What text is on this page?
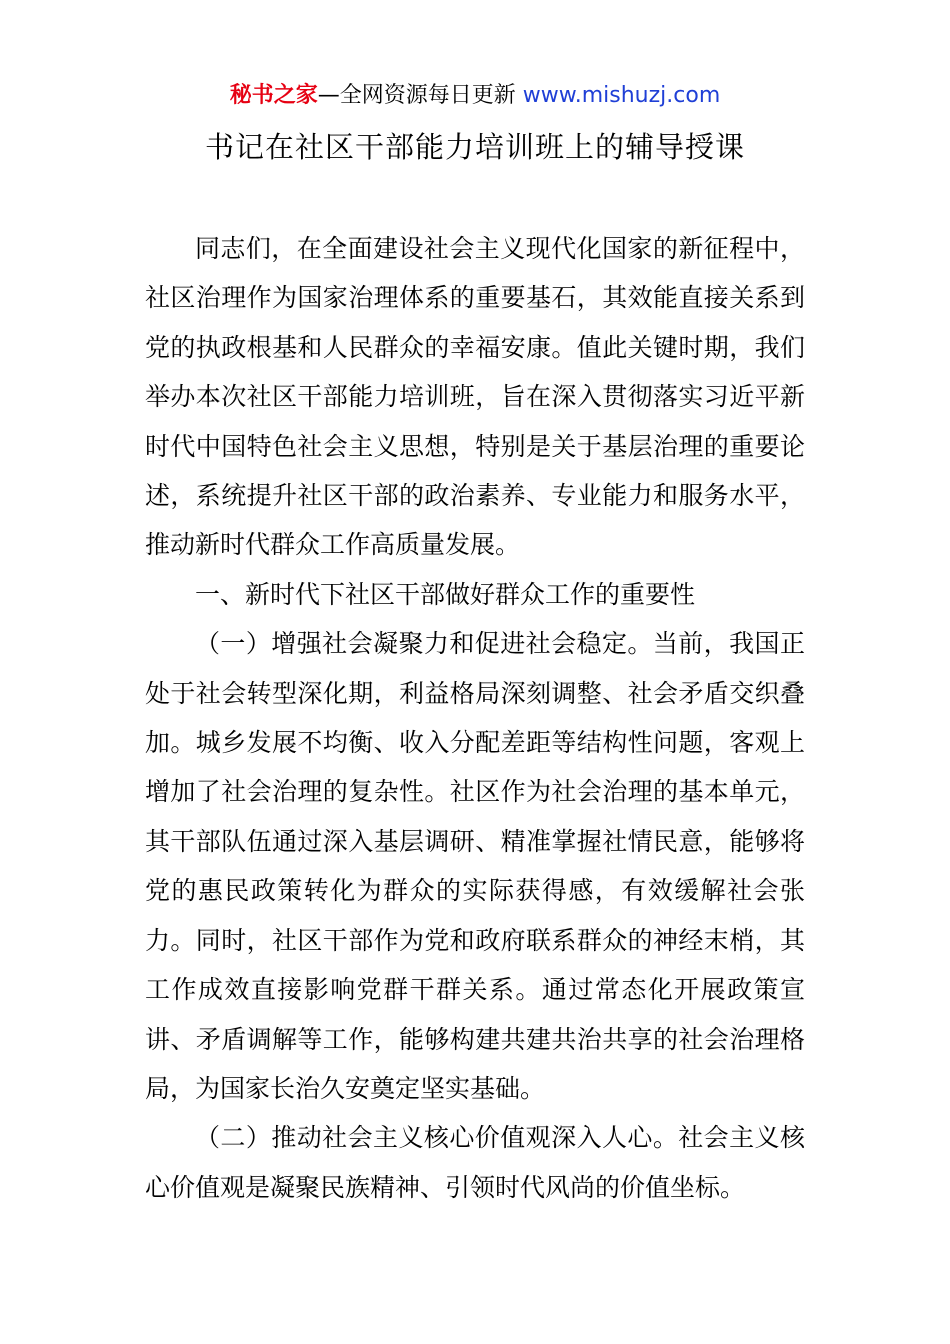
秘书之家—全网资源每日更新 www.mishuzj.com
书记在社区干部能力培训班上的辅导授课

同志们，在全面建设社会主义现代化国家的新征程中，社区治理作为国家治理体系的重要基石，其效能直接关系到党的执政根基和人民群众的幸福安康。值此关键时期，我们举办本次社区干部能力培训班，旨在深入贯彻落实习近平新时代中国特色社会主义思想，特别是关于基层治理的重要论述，系统提升社区干部的政治素养、专业能力和服务水平，推动新时代群众工作高质量发展。

一、新时代下社区干部做好群众工作的重要性

（一）增强社会凝聚力和促进社会稳定。当前，我国正处于社会转型深化期，利益格局深刻调整、社会矛盾交织叠加。城乡发展不均衡、收入分配差距等结构性问题，客观上增加了社会治理的复杂性。社区作为社会治理的基本单元，其干部队伍通过深入基层调研、精准掌握社情民意，能够将党的惠民政策转化为群众的实际获得感，有效缓解社会张力。同时，社区干部作为党和政府联系群众的神经末梢，其工作成效直接影响党群干群关系。通过常态化开展政策宣讲、矛盾调解等工作，能够构建共建共治共享的社会治理格局，为国家长治久安奠定坚实基础。

（二）推动社会主义核心价值观深入人心。社会主义核心价值观是凝聚民族精神、引领时代风尚的价值坐标。
